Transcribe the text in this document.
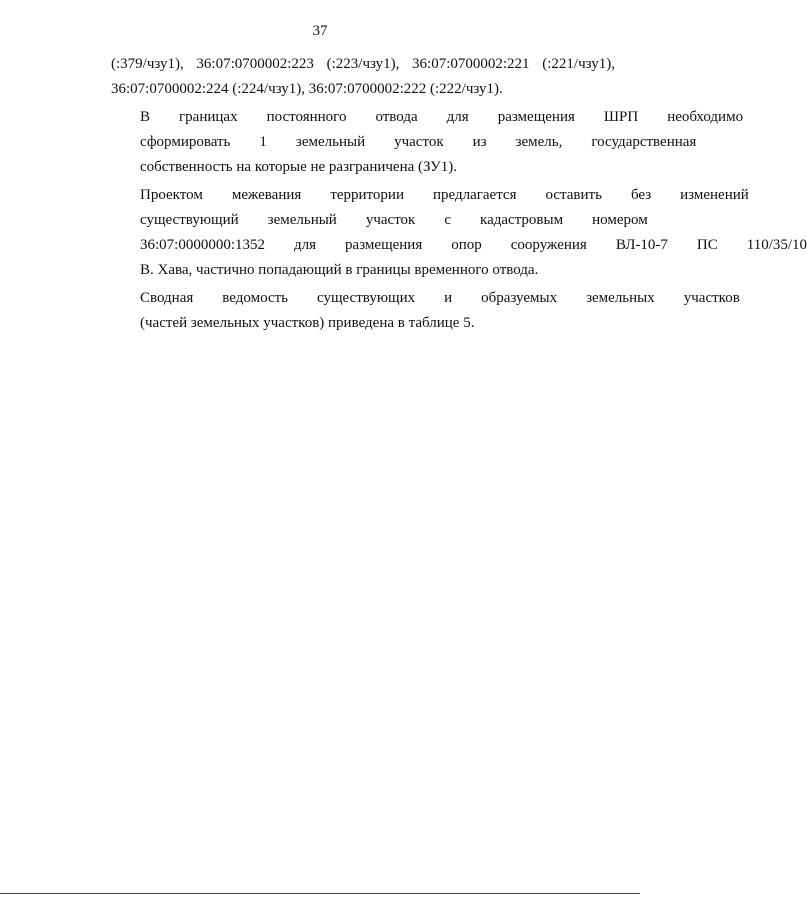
37
(:379/чзу1), 36:07:0700002:223 (:223/чзу1), 36:07:0700002:221 (:221/чзу1),
36:07:0700002:224 (:224/чзу1), 36:07:0700002:222 (:222/чзу1).
В	границах	постоянного	отвода	для	размещения	ШРП	необходимо
сформировать	1	земельный	участок	из	земель,	государственная
собственность на которые не разграничена (ЗУ1).
Проектом	межевания	территории	предлагается	оставить	без	изменений
существующий	земельный	участок	с	кадастровым	номером
36:07:0000000:1352	для	размещения	опор	сооружения	ВЛ-10-7	ПС	110/35/10
В. Хава, частично попадающий в границы временного отвода.
Сводная	ведомость	существующих	и	образуемых	земельных	участков
(частей земельных участков) приведена в таблице 5.
